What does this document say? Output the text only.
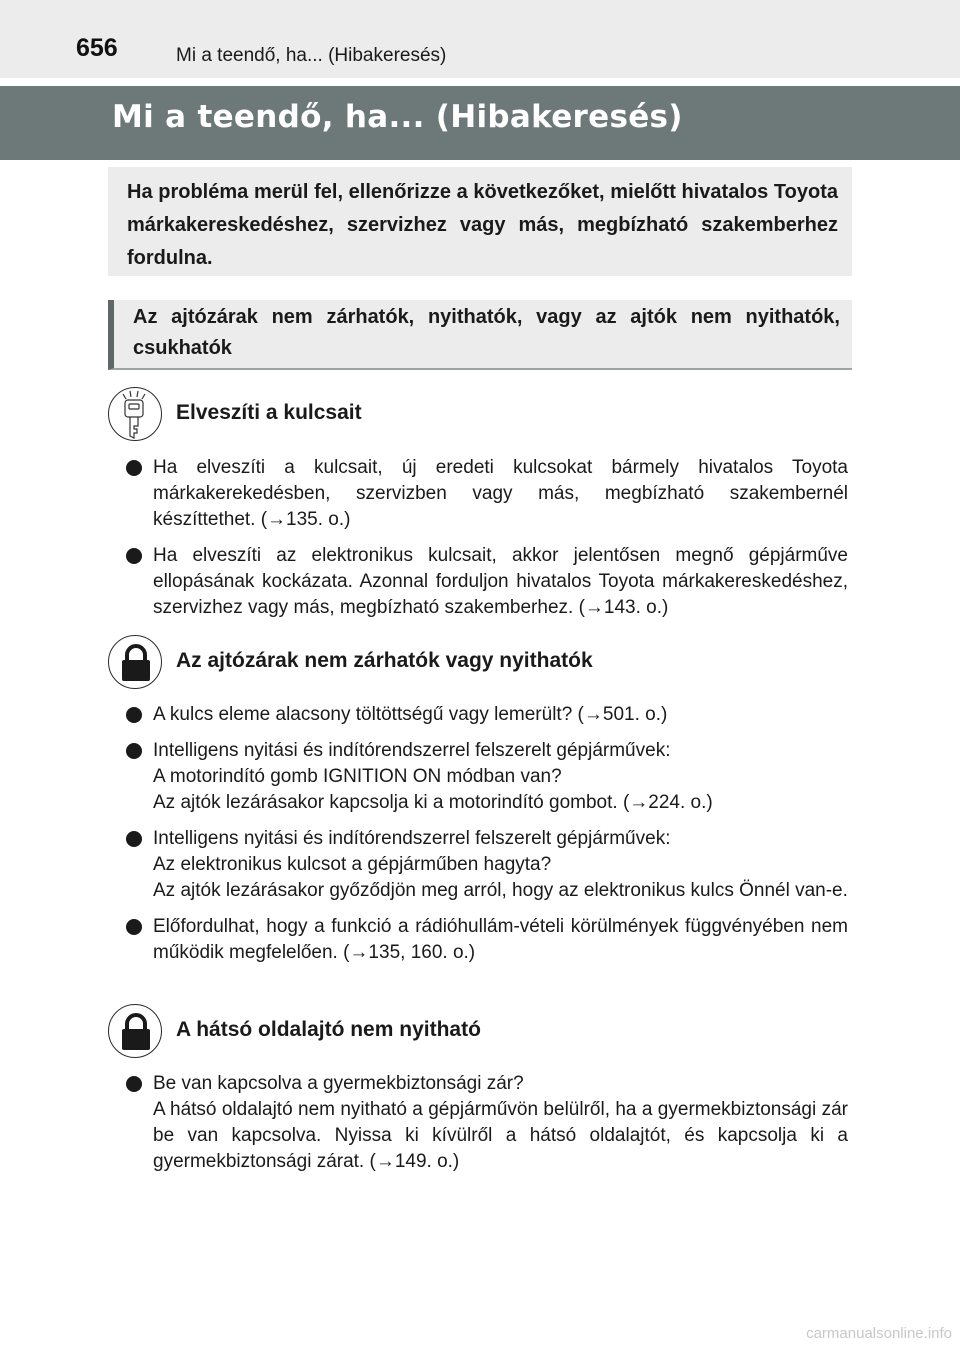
656	Mi a teendő, ha... (Hibakeresés)
Mi a teendő, ha... (Hibakeresés)
Ha probléma merül fel, ellenőrizze a következőket, mielőtt hivatalos Toyota márkakereskedéshez, szervizhez vagy más, megbízható szakemberhez fordulna.
Az ajtózárak nem zárhatók, nyithatók, vagy az ajtók nem nyithatók, csukhatók
Elveszíti a kulcsait
Ha elveszíti a kulcsait, új eredeti kulcsokat bármely hivatalos Toyota márkakerekedésben, szervizben vagy más, megbízható szakembernél készíttethet. (→135. o.)
Ha elveszíti az elektronikus kulcsait, akkor jelentősen megnő gépjárműve ellopásának kockázata. Azonnal forduljon hivatalos Toyota márkakereskedéshez, szervizhez vagy más, megbízható szakemberhez. (→143. o.)
Az ajtózárak nem zárhatók vagy nyithatók
A kulcs eleme alacsony töltöttségű vagy lemerült? (→501. o.)
Intelligens nyitási és indítórendszerrel felszerelt gépjárművek:
A motorindító gomb IGNITION ON módban van?
Az ajtók lezárásakor kapcsolja ki a motorindító gombot. (→224. o.)
Intelligens nyitási és indítórendszerrel felszerelt gépjárművek:
Az elektronikus kulcsot a gépjárműben hagyta?
Az ajtók lezárásakor győződjön meg arról, hogy az elektronikus kulcs Önnél van-e.
Előfordulhat, hogy a funkció a rádióhullám-vételi körülmények függvényében nem működik megfelelően. (→135, 160. o.)
A hátsó oldalajtó nem nyitható
Be van kapcsolva a gyermekbiztonsági zár?
A hátsó oldalajtó nem nyitható a gépjárművön belülről, ha a gyermekbiztonsági zár be van kapcsolva. Nyissa ki kívülről a hátsó oldalajtót, és kapcsolja ki a gyermekbiztonsági zárat. (→149. o.)
carmanualsonline.info
